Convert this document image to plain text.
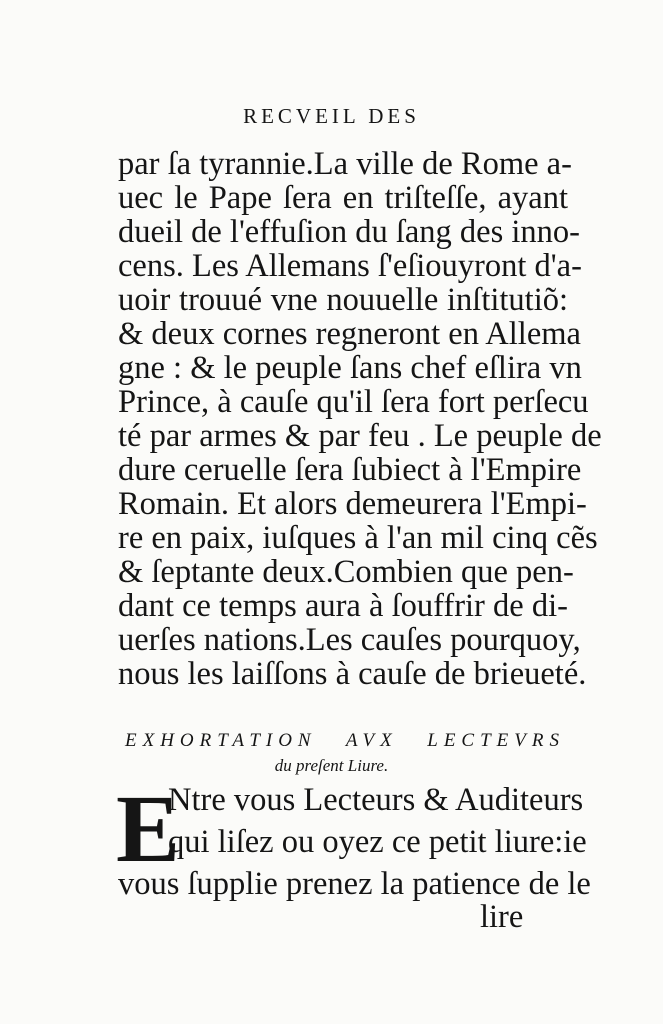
RECVEIL DES
par ſa tyrannie.La ville de Rome a-
uec le Pape ſera en triſteſſe, ayant
dueil de l'effuſion du ſang des inno-
cens. Les Allemans ſ'eſiouyront d'a-
uoir trouué vne nouuelle inſtitutiõ:
& deux cornes regneront en Allema
gne : & le peuple ſans chef eſlira vn
Prince, à cauſe qu'il ſera fort perſecu
té par armes & par feu . Le peuple de
dure ceruelle ſera ſubiect à l'Empire
Romain. Et alors demeurera l'Empi-
re en paix, iuſques à l'an mil cinq cẽs
& ſeptante deux.Combien que pen-
dant ce temps aura à ſouffrir de di-
uerſes nations.Les cauſes pourquoy,
nous les laiſſons à cauſe de brieueté.
EXHORTATION AVX LECTEVRS
du preſent Liure.
E
Ntre vous Lecteurs & Auditeurs
qui liſez ou oyez ce petit liure:ie
vous ſupplie prenez la patience de le
lire
